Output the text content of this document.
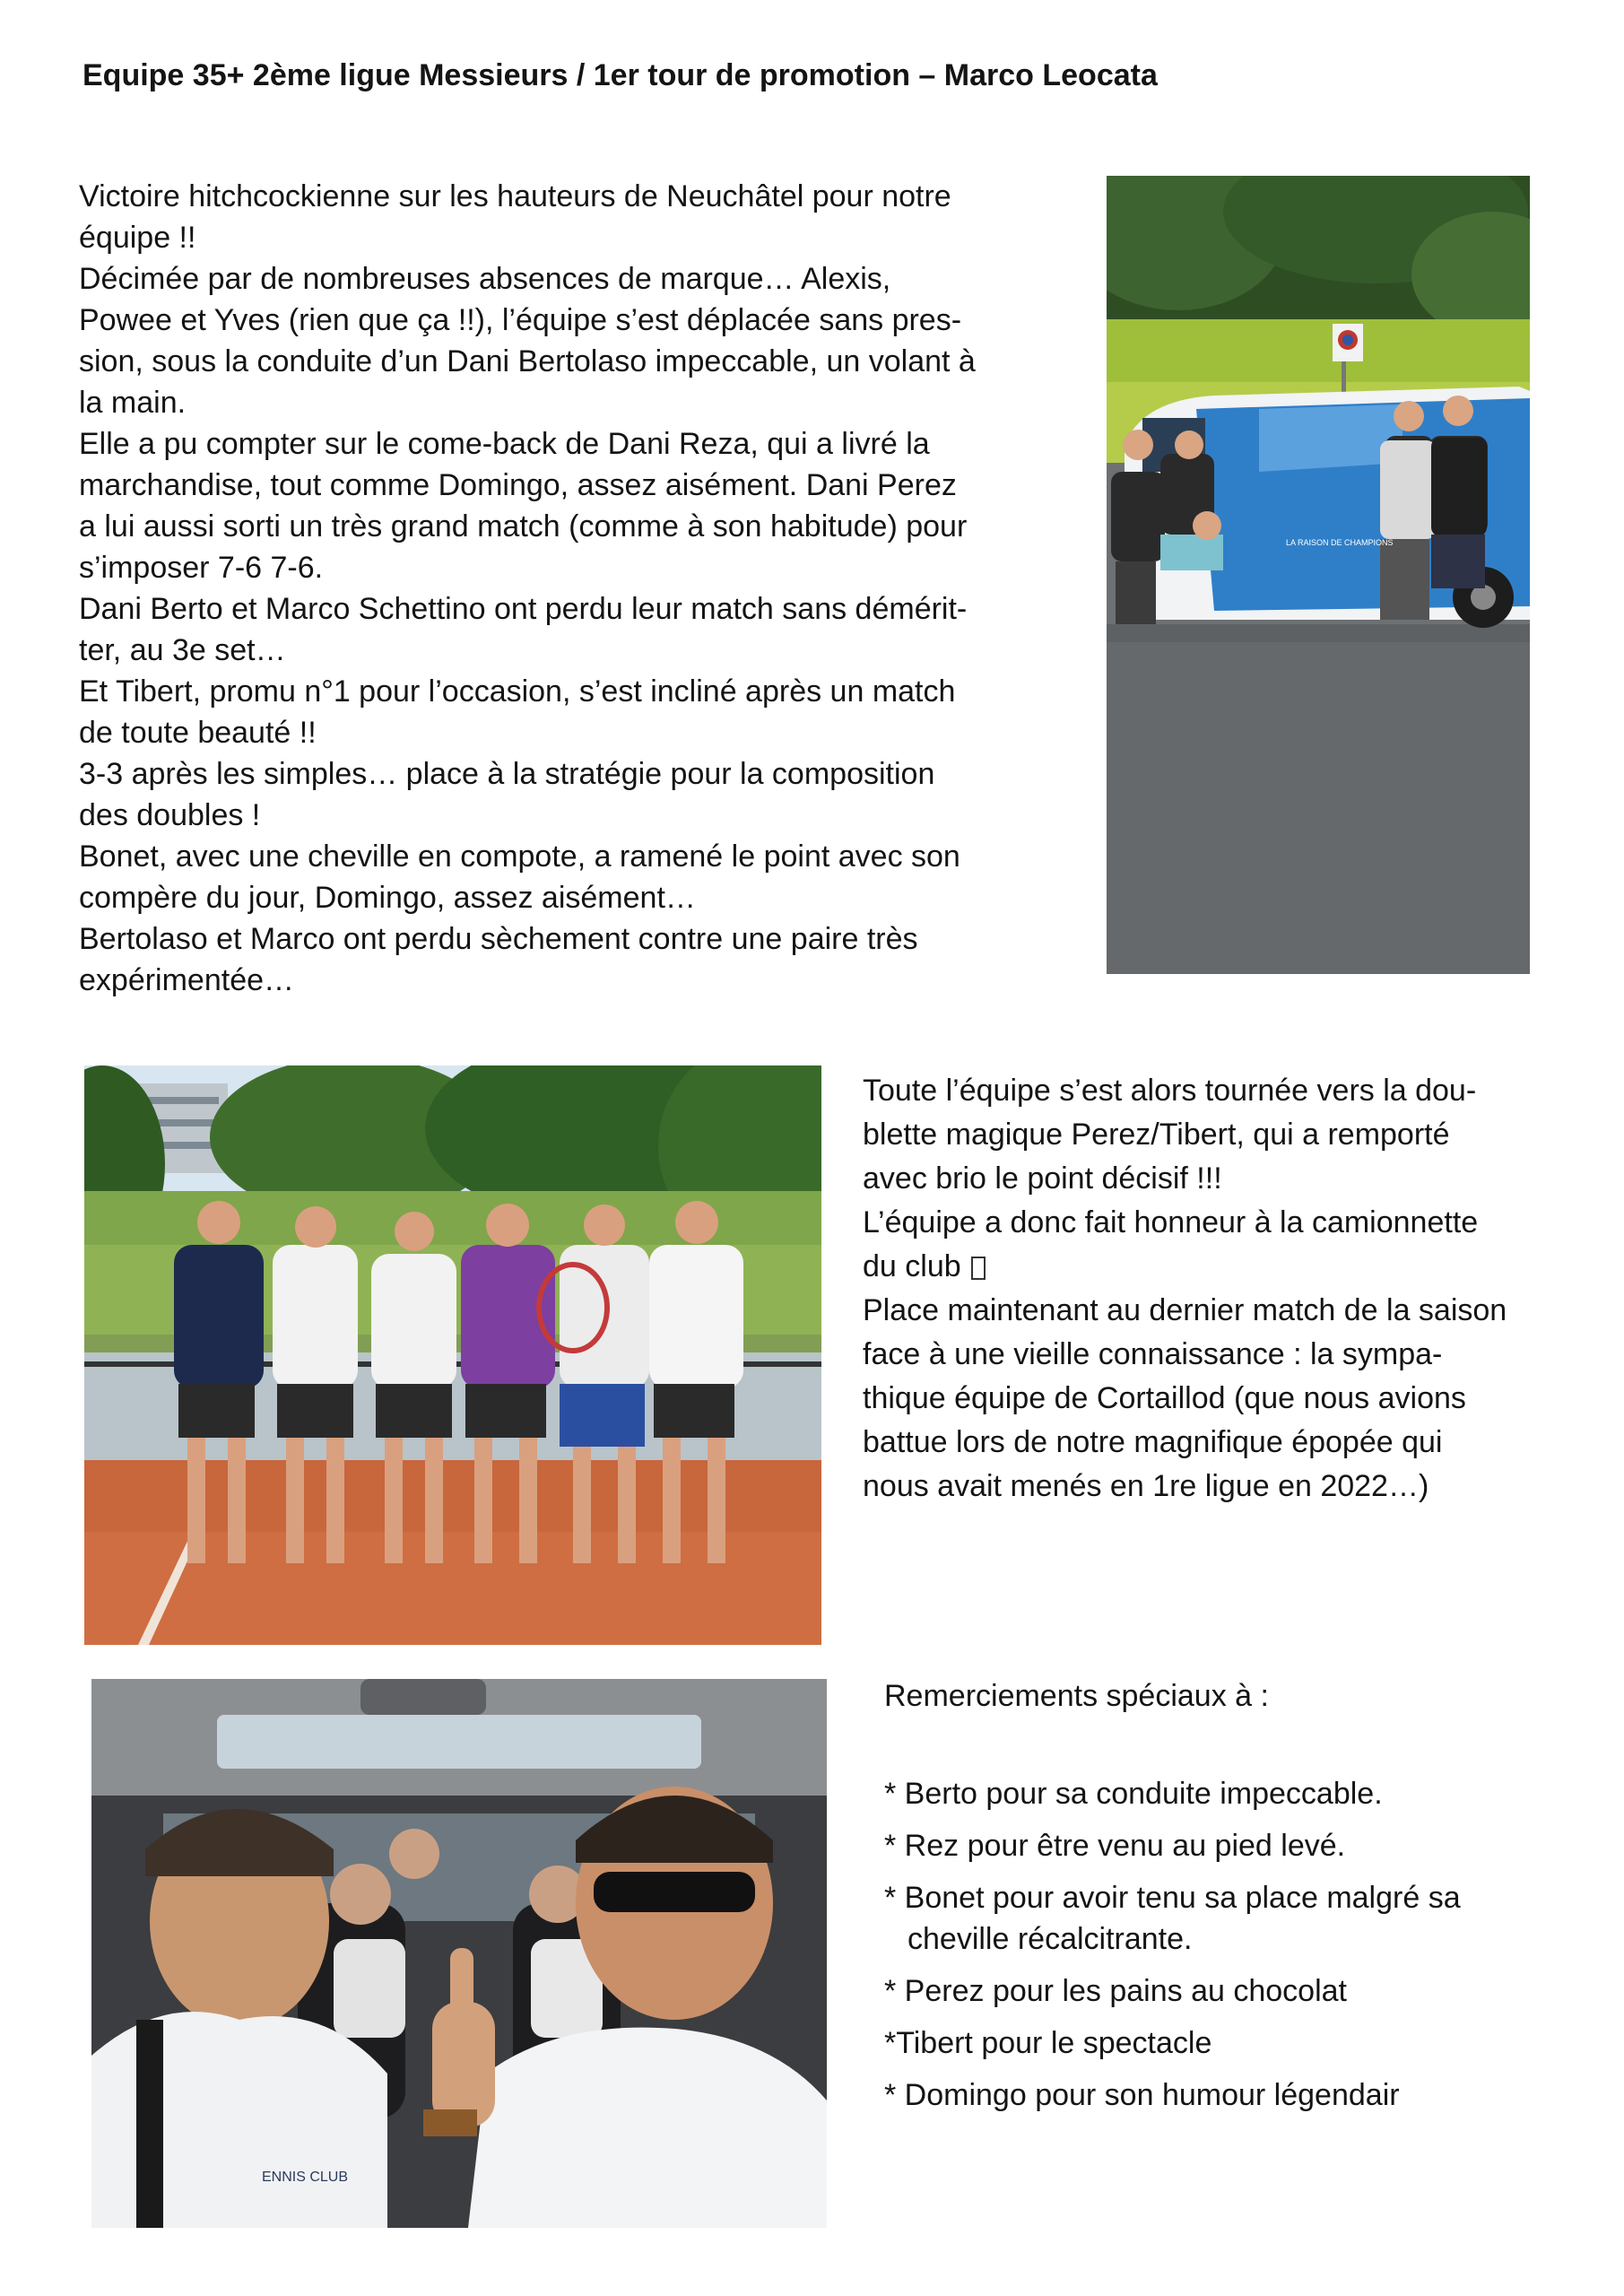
Equipe 35+ 2ème ligue Messieurs / 1er tour de promotion – Marco Leocata
Victoire hitchcockienne sur les hauteurs de Neuchâtel pour notre
équipe !!
Décimée par de nombreuses absences de marque… Alexis,
Powee et Yves (rien que ça !!), l’équipe s’est déplacée sans pres-
sion, sous la conduite d’un Dani Bertolaso impeccable, un volant à
la main.
Elle a pu compter sur le come-back de Dani Reza, qui a livré la
marchandise, tout comme Domingo, assez aisément. Dani Perez
a lui aussi sorti un très grand match (comme à son habitude) pour
s’imposer 7-6 7-6.
Dani Berto et Marco Schettino ont perdu leur match sans démérit-
ter, au 3e set…
Et Tibert, promu n°1 pour l’occasion, s’est incliné après un match
de toute beauté !!
3-3 après les simples… place à la stratégie pour la composition
des doubles !
Bonet, avec une cheville en compote, a ramené le point avec son
compère du jour, Domingo, assez aisément…
Bertolaso et Marco ont perdu sèchement contre une paire très
expérimentée…
LA RAISON DE CHAMPIONS
Toute l’équipe s’est alors tournée vers la dou-
blette magique Perez/Tibert, qui a remporté
avec brio le point décisif !!!
L’équipe a donc fait honneur à la camionnette
du club
Place maintenant au dernier match de la saison
face à une vieille connaissance : la sympa-
thique équipe de Cortaillod (que nous avions
battue lors de notre magnifique épopée qui
nous avait menés en 1re ligue en 2022…)
ENNIS CLUB
Remerciements spéciaux à :
* Berto pour sa conduite impeccable.
* Rez pour être venu au pied levé.
* Bonet pour avoir tenu sa place malgré sa
cheville récalcitrante.
* Perez pour les pains au chocolat
*Tibert pour le spectacle
* Domingo pour son humour légendair
